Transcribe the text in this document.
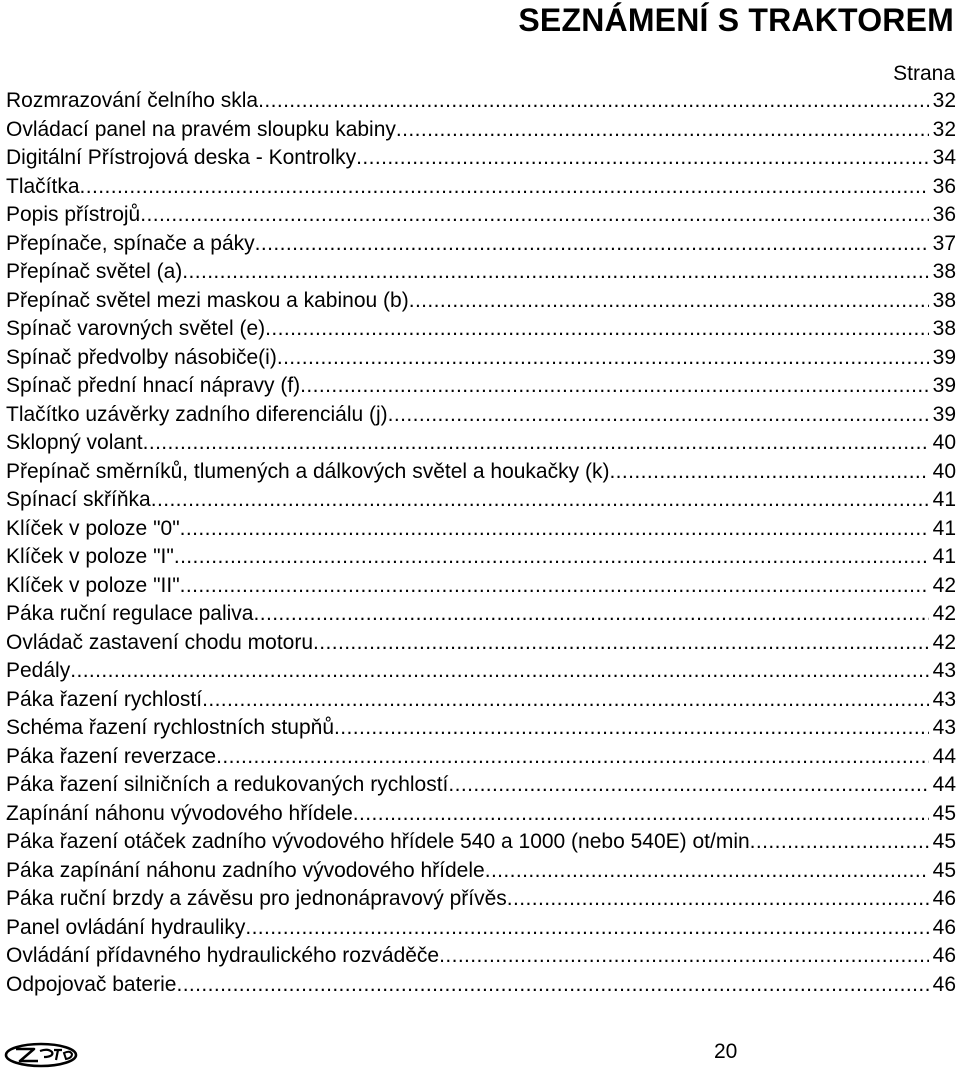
SEZNÁMENÍ S TRAKTOREM
Strana
Rozmrazování čelního skla .....	32
Ovládací panel na pravém sloupku kabiny .....	32
Digitální Přístrojová deska - Kontrolky .....	34
Tlačítka .....	36
Popis přístrojů .....	36
Přepínače, spínače a páky .....	37
Přepínač světel (a) .....	38
Přepínač světel mezi maskou a kabinou (b) .....	38
Spínač varovných světel (e) .....	38
Spínač předvolby násobiče(i) .....	39
Spínač přední hnací nápravy (f) .....	39
Tlačítko uzávěrky zadního diferenciálu (j) .....	39
Sklopný volant .....	40
Přepínač směrníků, tlumených a dálkových světel a houkačky (k) .....	40
Spínací skříňka .....	41
Klíček v poloze "0" .....	41
Klíček v poloze "I" .....	41
Klíček v poloze "II" .....	42
Páka ruční regulace paliva .....	42
Ovládač zastavení chodu motoru .....	42
Pedály .....	43
Páka řazení rychlostí .....	43
Schéma řazení rychlostních stupňů .....	43
Páka řazení reverzace .....	44
Páka řazení silničních a redukovaných rychlostí .....	44
Zapínání náhonu vývodového hřídele .....	45
Páka řazení otáček zadního vývodového hřídele 540 a 1000 (nebo 540E) ot/min .....	45
Páka zapínání náhonu zadního vývodového hřídele .....	45
Páka ruční brzdy a závěsu pro jednonápravový přívěs .....	46
Panel ovládání hydrauliky .....	46
Ovládání přídavného hydraulického rozváděče .....	46
Odpojovač baterie .....	46
20
